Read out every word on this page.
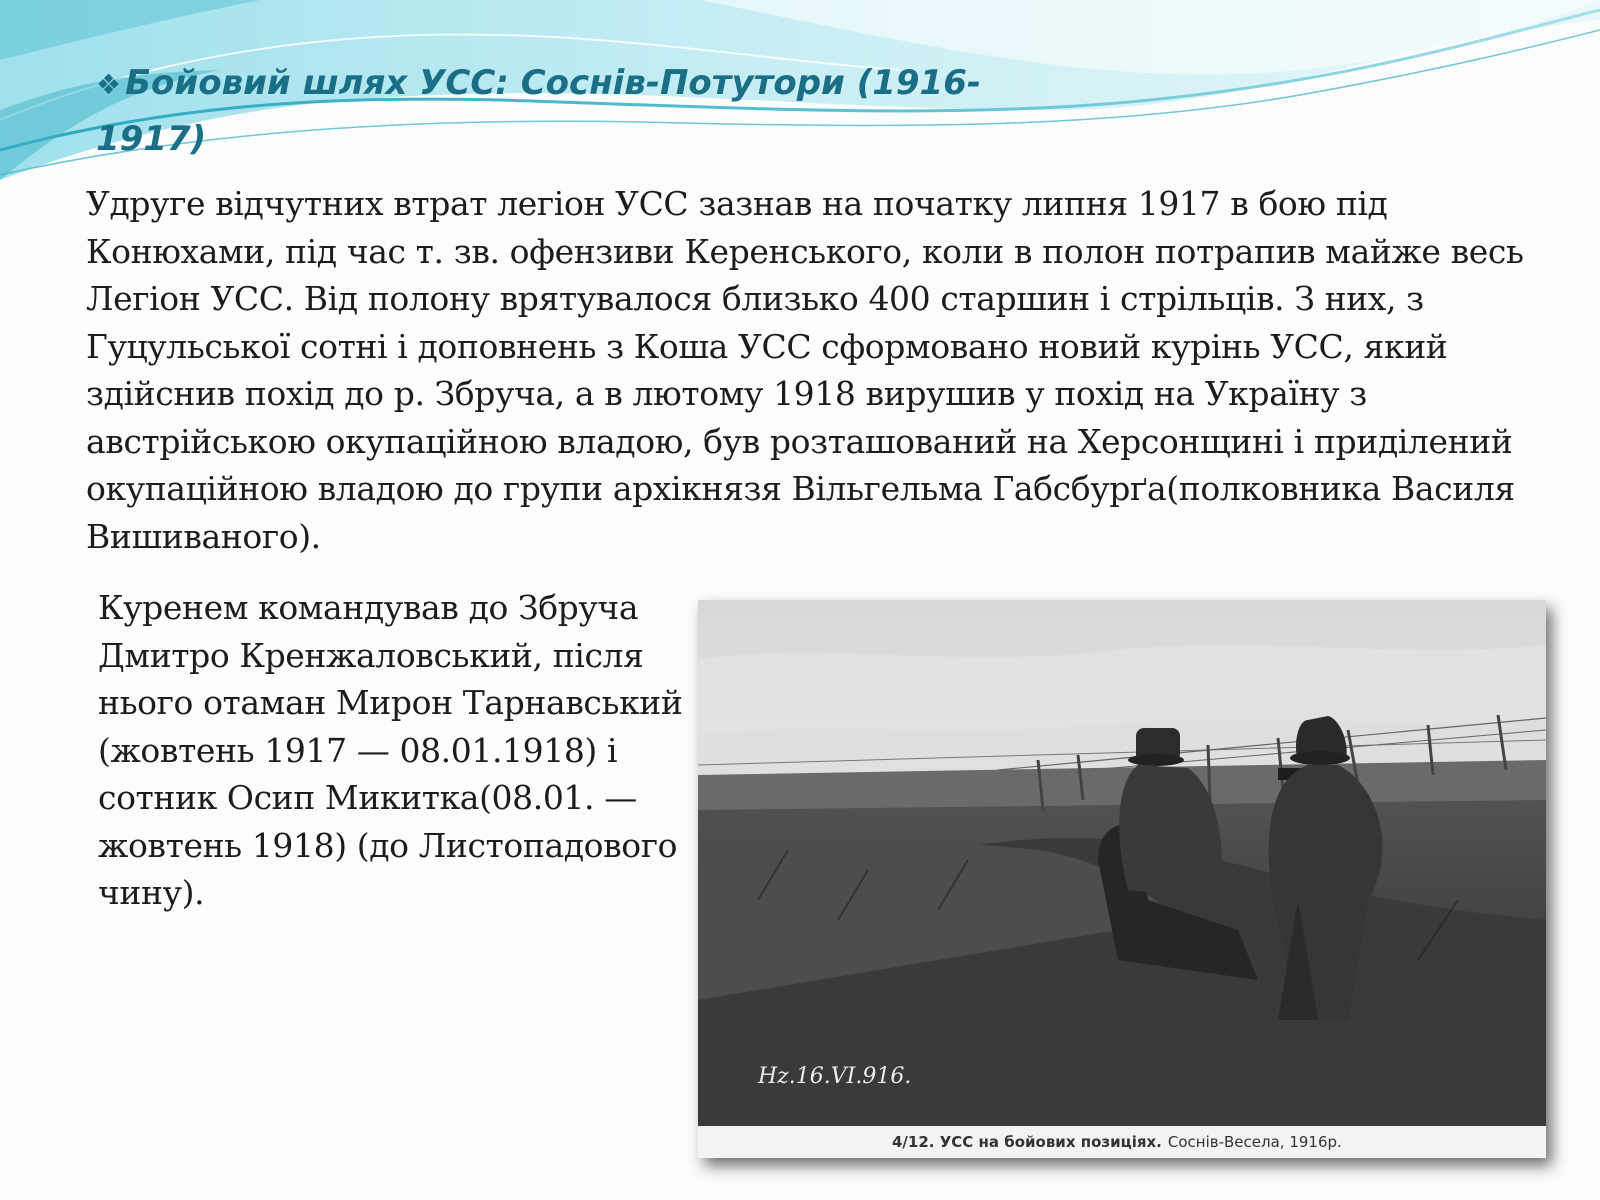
❖ Бойовий шлях УСС: Соснів-Потутори (1916-1917)

Удруге відчутних втрат легіон УСС зазнав на початку липня 1917 в бою під Конюхами, під час т. зв. офензиви Керенського, коли в полон потрапив майже весь Легіон УСС. Від полону врятувалося близько 400 старшин і стрільців. З них, з Гуцульської сотні і доповнень з Коша УСС сформовано новий курінь УСС, який здійснив похід до р. Збруча, а в лютому 1918 вирушив у похід на Україну з австрійською окупаційною владою, був розташований на Херсонщині і приділений окупаційною владою до групи архікнязя Вільгельма Габсбурґа(полковника Василя Вишиваного).

Куренем командував до Збруча Дмитро Кренжаловський, після нього отаман Мирон Тарнавський (жовтень 1917 — 08.01.1918) і сотник Осип Микитка(08.01. — жовтень 1918) (до Листопадового чину).

Hz.16.VI.916.
4/12. УСС на бойових позиціях. Соснів-Весела, 1916р.
